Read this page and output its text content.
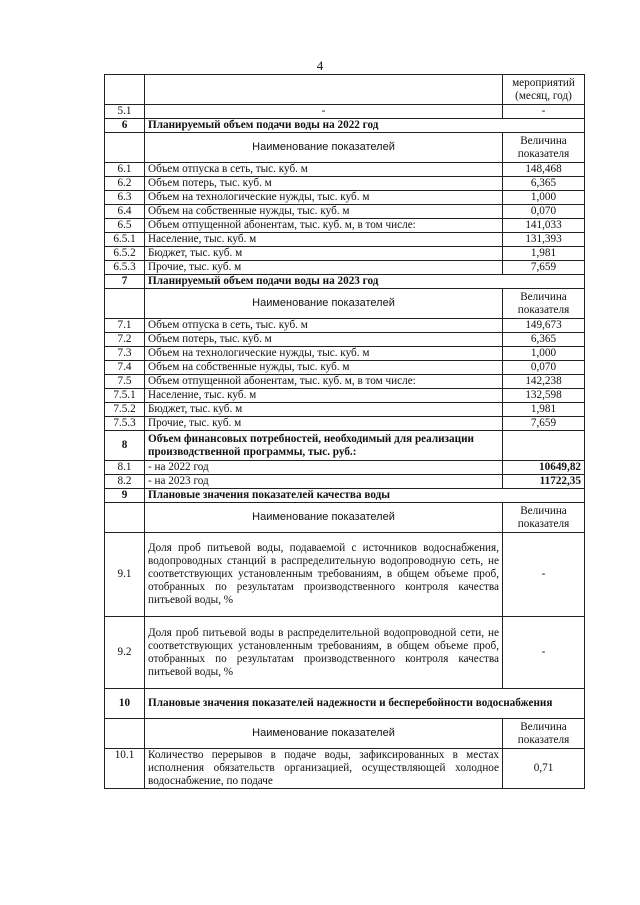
4
		мероприятий (месяц, год)
5.1	-	-
6	Планируемый объем подачи воды на 2022 год	
	Наименование показателей	Величина показателя
6.1	Объем отпуска в сеть, тыс. куб. м	148,468
6.2	Объем потерь, тыс. куб. м	6,365
6.3	Объем на технологические нужды, тыс. куб. м	1,000
6.4	Объем на собственные нужды, тыс. куб. м	0,070
6.5	Объем отпущенной абонентам, тыс. куб. м, в том числе:	141,033
6.5.1	Население, тыс. куб. м	131,393
6.5.2	Бюджет, тыс. куб. м	1,981
6.5.3	Прочие, тыс. куб. м	7,659
7	Планируемый объем подачи воды на 2023 год	
	Наименование показателей	Величина показателя
7.1	Объем отпуска в сеть, тыс. куб. м	149,673
7.2	Объем потерь, тыс. куб. м	6,365
7.3	Объем на технологические нужды, тыс. куб. м	1,000
7.4	Объем на собственные нужды, тыс. куб. м	0,070
7.5	Объем отпущенной абонентам, тыс. куб. м, в том числе:	142,238
7.5.1	Население, тыс. куб. м	132,598
7.5.2	Бюджет, тыс. куб. м	1,981
7.5.3	Прочие, тыс. куб. м	7,659
8	Объем финансовых потребностей, необходимый для реализации производственной программы, тыс. руб.:	
8.1	- на 2022 год	10649,82
8.2	- на 2023 год	11722,35
9	Плановые значения показателей качества воды	
	Наименование показателей	Величина показателя
9.1	Доля проб питьевой воды, подаваемой с источников водоснабжения, водопроводных станций в распределительную водопроводную сеть, не соответствующих установленным требованиям, в общем объеме проб, отобранных по результатам производственного контроля качества питьевой воды, %	-
9.2	Доля проб питьевой воды в распределительной водопроводной сети, не соответствующих установленным требованиям, в общем объеме проб, отобранных по результатам производственного контроля качества питьевой воды, %	-
10	Плановые значения показателей надежности и бесперебойности водоснабжения	
	Наименование показателей	Величина показателя
10.1	Количество перерывов в подаче воды, зафиксированных в местах исполнения обязательств организацией, осуществляющей холодное водоснабжение, по подаче	0,71
